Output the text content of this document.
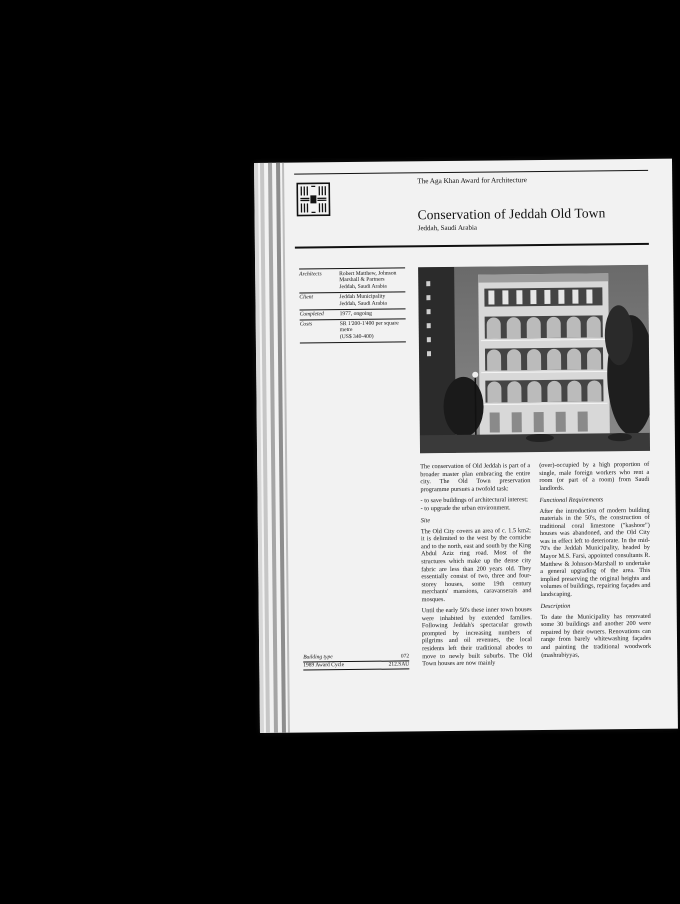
The Aga Khan Award for Architecture
Conservation of Jeddah Old Town
Jeddah, Saudi Arabia
Architects	Robert Matthew, Johnson
Marshall & Partners
Jeddah, Saudi Arabia
Client	Jeddah Municipality
Jeddah, Saudi Arabia
Completed	1977, ongoing
Costs	SR 1'200-1'400 per square
metre
(US$ 340-400)

The conservation of Old Jeddah is part of a broader master plan embracing the entire city. The Old Town preservation programme pursues a twofold task:

- to save buildings of architectural interest;
- to upgrade the urban environment.
Site

The Old City covers an area of c. 1.5 km2; it is delimited to the west by the corniche and to the north, east and south by the King Abdul Aziz ring road. Most of the structures which make up the dense city fabric are less than 200 years old. They essentially consist of two, three and four-storey houses, some 19th century merchants' mansions, caravanserais and mosques.

Until the early 50's these inner town houses were inhabited by extended families. Following Jeddah's spectacular growth prompted by increasing numbers of pilgrims and oil revenues, the local residents left their traditional abodes to move to newly built suburbs. The Old Town houses are now mainly

(over)-occupied by a high proportion of single, male foreign workers who rent a room (or part of a room) from Saudi landlords.

Functional Requirements

After the introduction of modern building materials in the 50's, the construction of traditional coral limestone ("kashoor") houses was abandoned, and the Old City was in effect left to deteriorate. In the mid-70's the Jeddah Municipality, headed by Mayor M.S. Farsi, appointed consultants R. Matthew & Johnson-Marshall to undertake a general upgrading of the area. This implied preserving the original heights and volumes of buildings, repairing façades and landscaping.

Description

To date the Municipality has renovated some 30 buildings and another 200 were repaired by their owners. Renovations can range from barely whitewashing façades and painting the traditional woodwork (mashrabiyyas,

Building type	072
1989 Award Cycle	212.SAU
